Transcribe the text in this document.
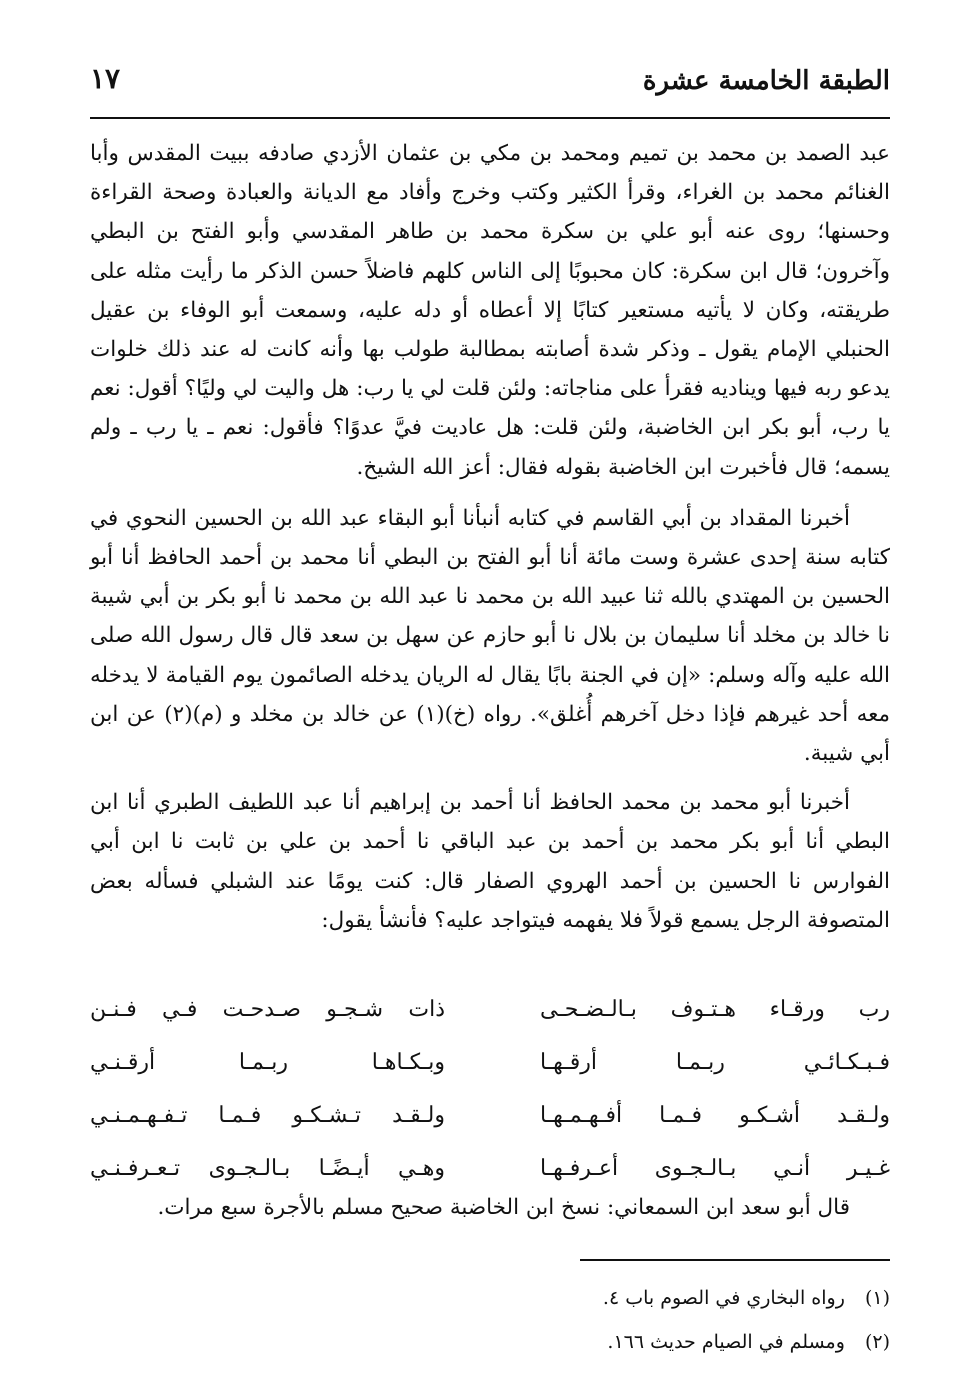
الطبقة الخامسة عشرة
١٧

عبد الصمد بن محمد بن تميم ومحمد بن مكي بن عثمان الأزدي صادفه ببيت المقدس وأبا الغنائم محمد بن الغراء، وقرأ الكثير وكتب وخرج وأفاد مع الديانة والعبادة وصحة القراءة وحسنها؛ روى عنه أبو علي بن سكرة محمد بن طاهر المقدسي وأبو الفتح بن البطي وآخرون؛ قال ابن سكرة: كان محبوبًا إلى الناس كلهم فاضلاً حسن الذكر ما رأيت مثله على طريقته، وكان لا يأتيه مستعير كتابًا إلا أعطاه أو دله عليه، وسمعت أبو الوفاء بن عقيل الحنبلي الإمام يقول ـ وذكر شدة أصابته بمطالبة طولب بها وأنه كانت له عند ذلك خلوات يدعو ربه فيها ويناديه فقرأ على مناجاته: ولئن قلت لي يا رب: هل واليت لي وليًا؟ أقول: نعم يا رب، أبو بكر ابن الخاضبة، ولئن قلت: هل عاديت فيَّ عدوًا؟ فأقول: نعم ـ يا رب ـ ولم يسمه؛ قال فأخبرت ابن الخاضبة بقوله فقال: أعز الله الشيخ.

أخبرنا المقداد بن أبي القاسم في كتابه أنبأنا أبو البقاء عبد الله بن الحسين النحوي في كتابه سنة إحدى عشرة وست مائة أنا أبو الفتح بن البطي أنا محمد بن أحمد الحافظ أنا أبو الحسين بن المهتدي بالله ثنا عبيد الله بن محمد نا عبد الله بن محمد نا أبو بكر بن أبي شيبة نا خالد بن مخلد أنا سليمان بن بلال نا أبو حازم عن سهل بن سعد قال قال رسول الله صلى الله عليه وآله وسلم: «إن في الجنة بابًا يقال له الريان يدخله الصائمون يوم القيامة لا يدخله معه أحد غيرهم فإذا دخل آخرهم أُغلق». رواه (خ)(١) عن خالد بن مخلد و (م)(٢) عن ابن أبي شيبة.

أخبرنا أبو محمد بن محمد الحافظ أنا أحمد بن إبراهيم أنا عبد اللطيف الطبري أنا ابن البطي أنا أبو بكر محمد بن أحمد بن عبد الباقي نا أحمد بن علي بن ثابت نا ابن أبي الفوارس نا الحسين بن أحمد الهروي الصفار قال: كنت يومًا عند الشبلي فسأله بعض المتصوفة الرجل يسمع قولاً فلا يفهمه فيتواجد عليه؟ فأنشأ يقول:

رب ورقـاء هـتـوف بـالـضـحـى
ذات شـجـو صـدحـت فـي فـنـن
فـبـكـائـي ربـمـا أرقـهـا
وبـكـاهـا ربـمـا أرقـنـي
ولـقـد أشـكـو فـمـا أفـهـمـهـا
ولـقـد تـشـكـو فـمـا تـفـهـمـنـي
غـيـر أنـي بـالـجـوى أعـرفـهـا
وهـي أيـضًـا بـالـجـوى تـعـرفـنـي
قال أبو سعد ابن السمعاني: نسخ ابن الخاضبة صحيح مسلم بالأجرة سبع مرات.
(١) رواه البخاري في الصوم باب ٤.
(٢) ومسلم في الصيام حديث ١٦٦.
